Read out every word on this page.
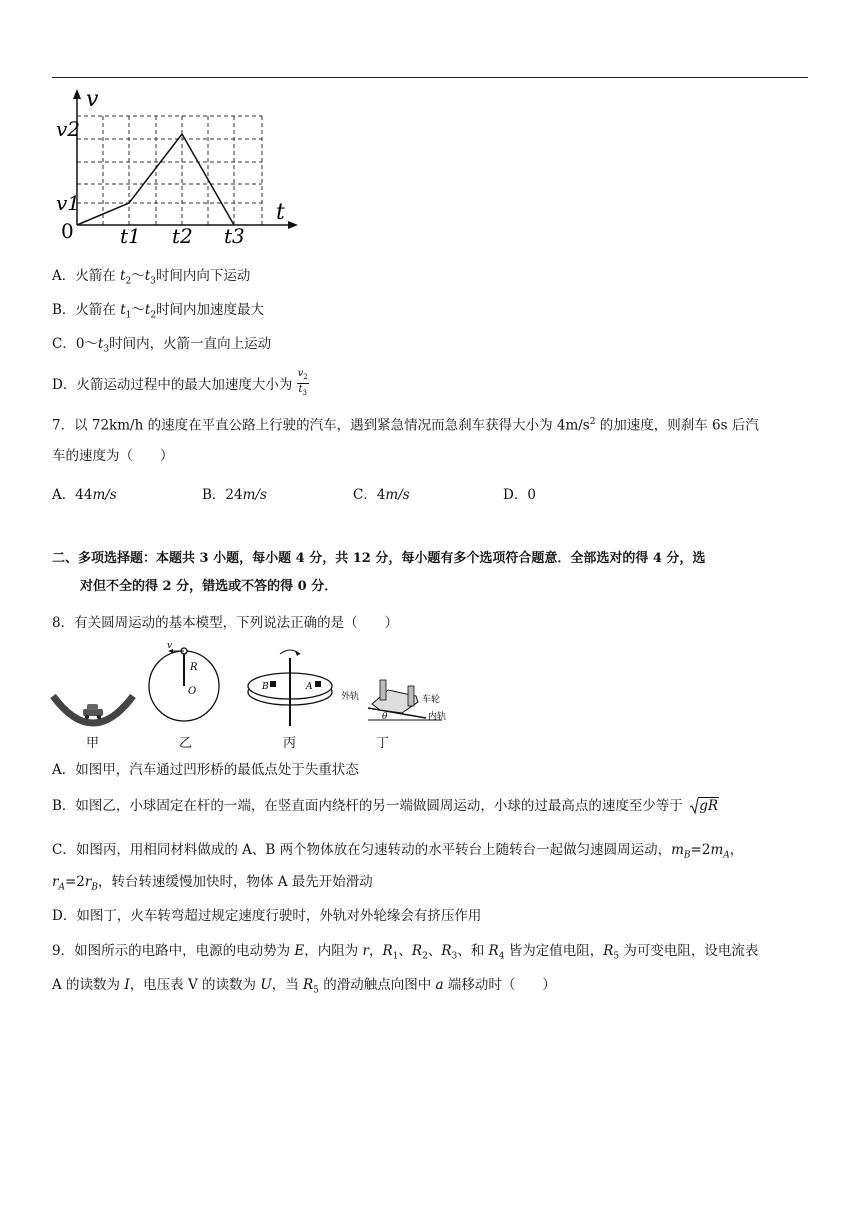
v
t
0
v2
v1
t1 t2 t3
A．火箭在 $t_2\sim t_3$时间内向下运动
B．火箭在 $t_1\sim t_2$时间内加速度最大
C．$0\sim t_3$时间内，火箭一直向上运动
D．火箭运动过程中的最大加速度大小为 $\frac{v_2}{t_3}$
7．以 72km/h 的速度在平直公路上行驶的汽车，遇到紧急情况而急刹车获得大小为 $4m/s^2$ 的加速度，则刹车 6s 后汽
车的速度为（　　）
A．44m/s	B．24m/s	C．4m/s	D．0
二、多项选择题：本题共 3 小题，每小题 4 分，共 12 分，每小题有多个选项符合题意．全部选对的得 4 分，选
对但不全的得 2 分，错选或不答的得 0 分．
8．有关圆周运动的基本模型，下列说法正确的是（　　）
v
R
O	B	A
外轨	车轮
内轨
θ
甲	乙	丙	丁
A．如图甲，汽车通过凹形桥的最低点处于失重状态
B．如图乙，小球固定在杆的一端，在竖直面内绕杆的另一端做圆周运动，小球的过最高点的速度至少等于 gR
C．如图丙，用相同材料做成的 A、B 两个物体放在匀速转动的水平转台上随转台一起做匀速圆周运动，$m_B=2m_A$，
$r_A=2r_B$，转台转速缓慢加快时，物体 A 最先开始滑动
D．如图丁，火车转弯超过规定速度行驶时，外轨对外轮缘会有挤压作用
9．如图所示的电路中，电源的电动势为 E，内阻为 r，$R_1$、$R_2$、$R_3$、和 $R_4$ 皆为定值电阻，$R_5$ 为可变电阻，设电流表
A 的读数为 I，电压表 V 的读数为 U，当 $R_5$ 的滑动触点向图中 a 端移动时（　　）
